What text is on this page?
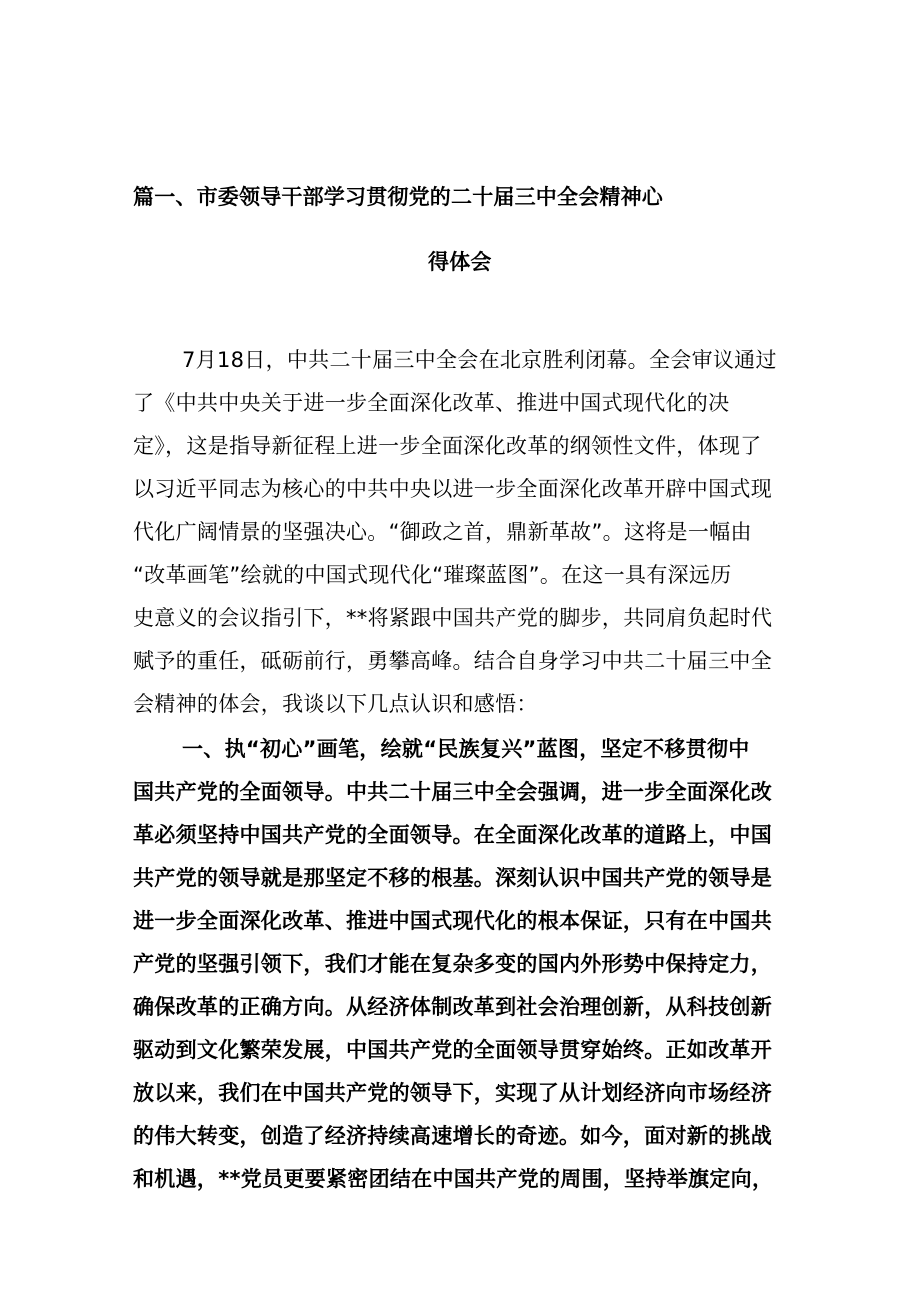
篇一、市委领导干部学习贯彻党的二十届三中全会精神心
得体会
7月18日，中共二十届三中全会在北京胜利闭幕。全会审议通过
了《中共中央关于进一步全面深化改革、推进中国式现代化的决
定》，这是指导新征程上进一步全面深化改革的纲领性文件，体现了
以习近平同志为核心的中共中央以进一步全面深化改革开辟中国式现
代化广阔情景的坚强决心。“御政之首，鼎新革故”。这将是一幅由
“改革画笔”绘就的中国式现代化“璀璨蓝图”。在这一具有深远历
史意义的会议指引下，**将紧跟中国共产党的脚步，共同肩负起时代
赋予的重任，砥砺前行，勇攀高峰。结合自身学习中共二十届三中全
会精神的体会，我谈以下几点认识和感悟：
一、执“初心”画笔，绘就“民族复兴”蓝图，坚定不移贯彻中
国共产党的全面领导。中共二十届三中全会强调，进一步全面深化改
革必须坚持中国共产党的全面领导。在全面深化改革的道路上，中国
共产党的领导就是那坚定不移的根基。深刻认识中国共产党的领导是
进一步全面深化改革、推进中国式现代化的根本保证，只有在中国共
产党的坚强引领下，我们才能在复杂多变的国内外形势中保持定力，
确保改革的正确方向。从经济体制改革到社会治理创新，从科技创新
驱动到文化繁荣发展，中国共产党的全面领导贯穿始终。正如改革开
放以来，我们在中国共产党的领导下，实现了从计划经济向市场经济
的伟大转变，创造了经济持续高速增长的奇迹。如今，面对新的挑战
和机遇，**党员更要紧密团结在中国共产党的周围，坚持举旗定向，
